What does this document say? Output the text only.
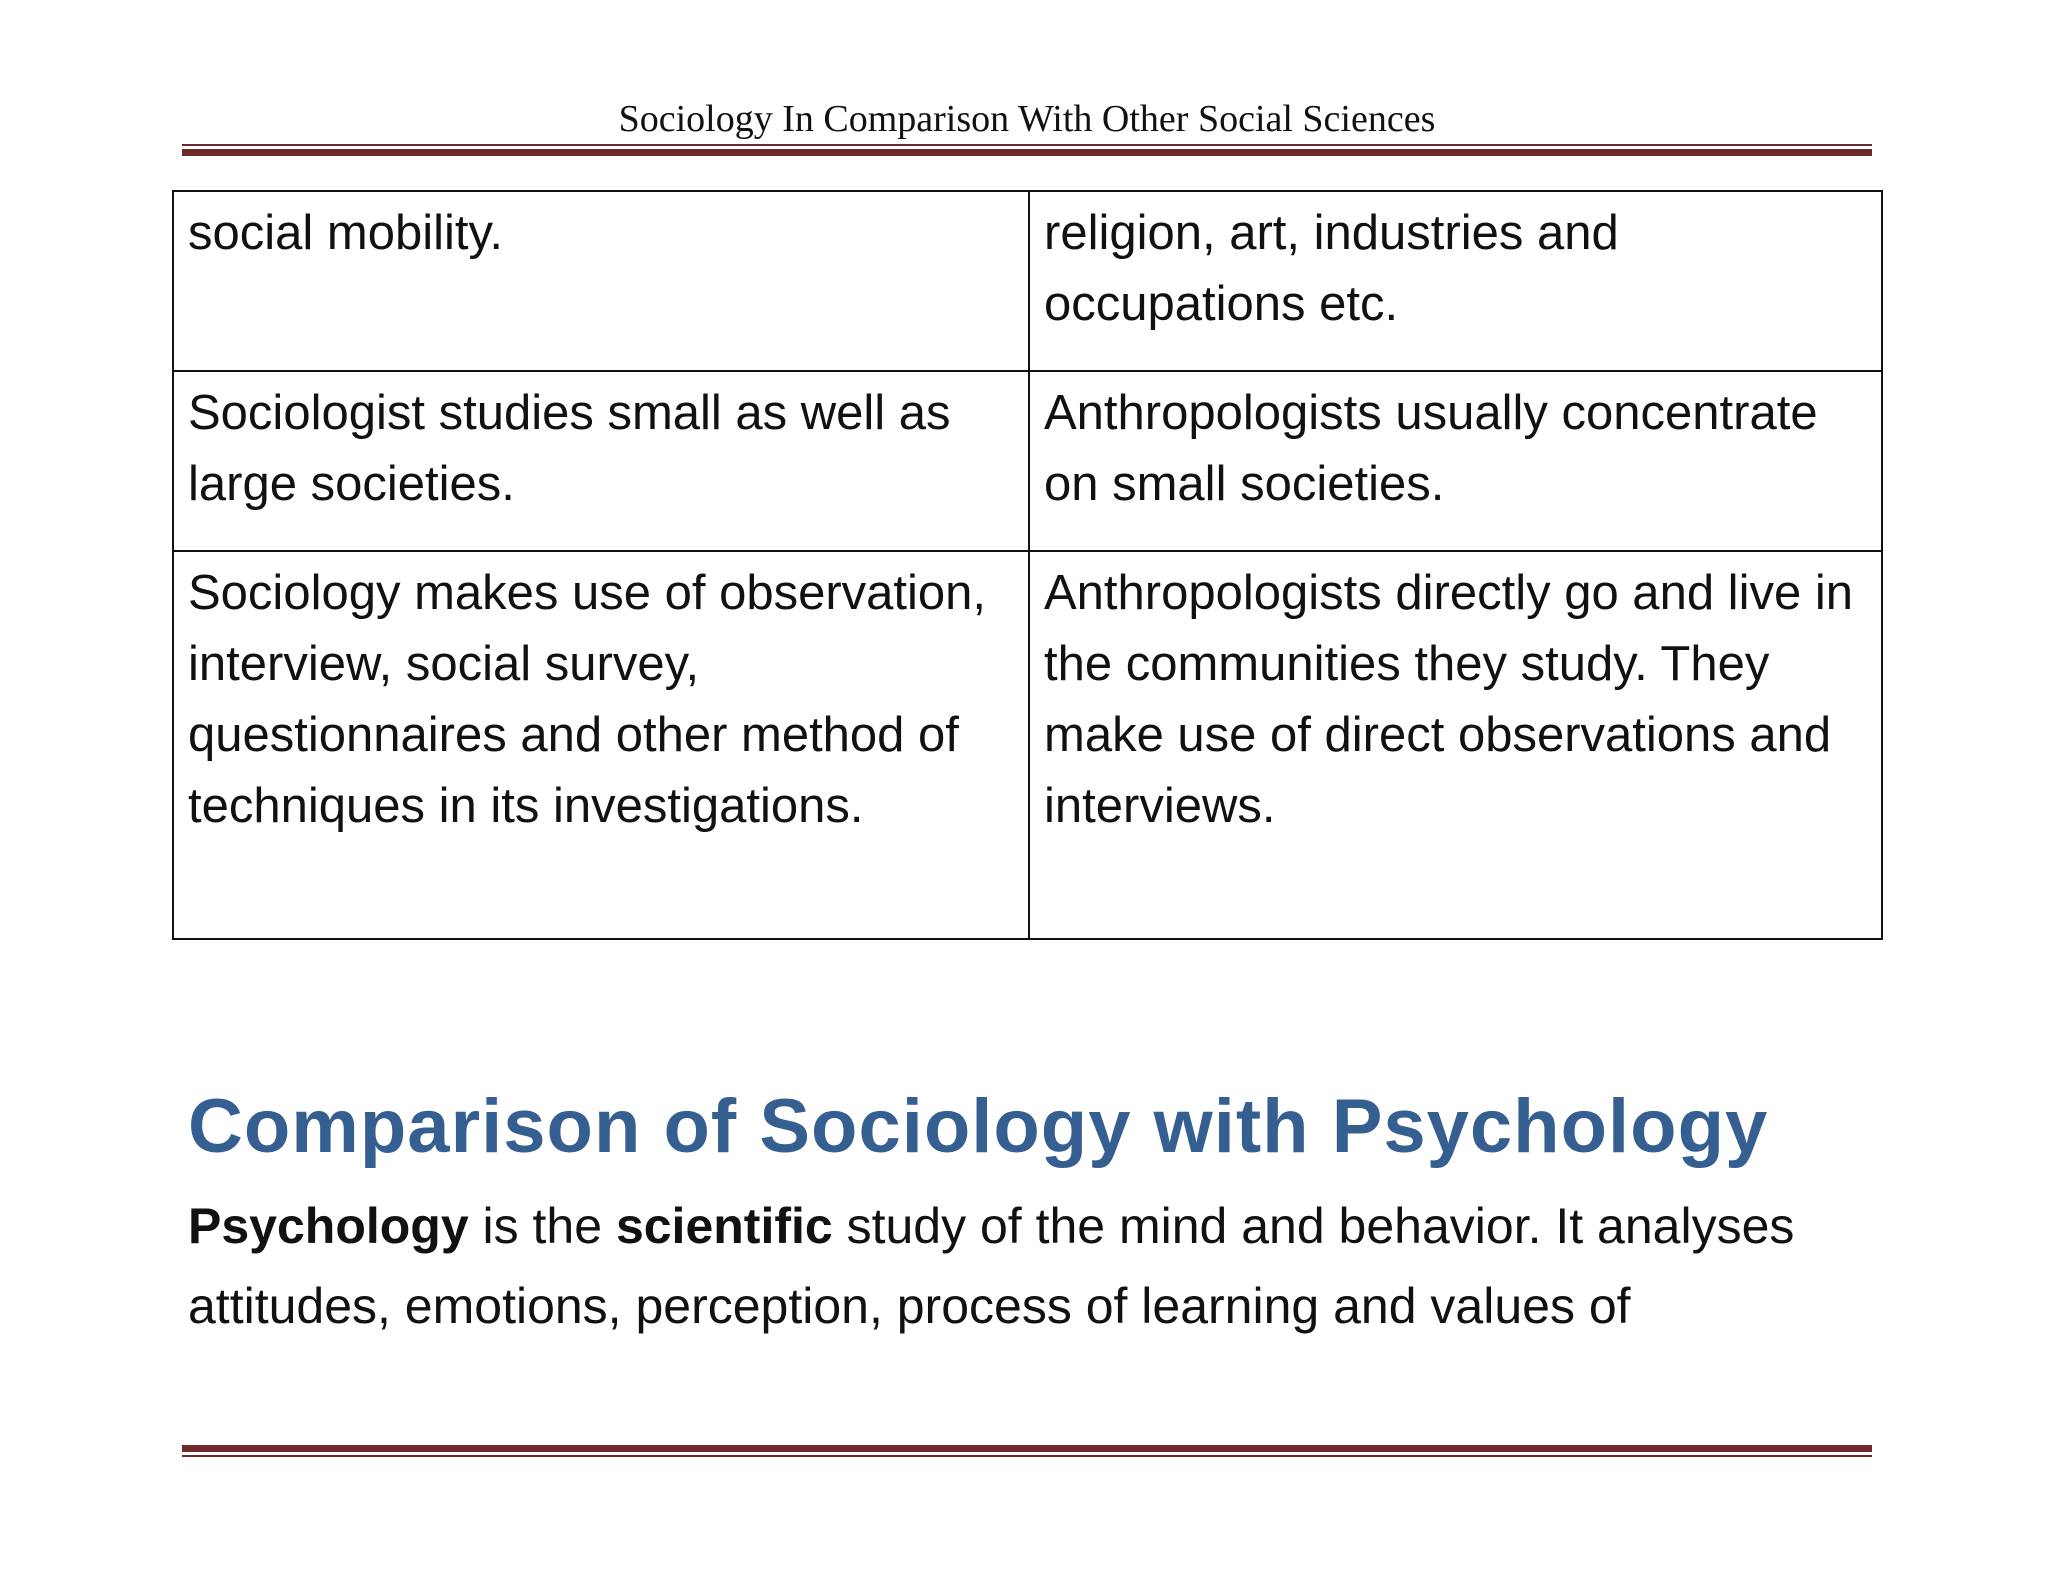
Sociology In Comparison With Other Social Sciences
social mobility.	religion, art, industries and occupations etc.
Sociologist studies small as well as large societies.	Anthropologists usually concentrate on small societies.
Sociology makes use of observation, interview, social survey, questionnaires and other method of techniques in its investigations.	Anthropologists directly go and live in the communities they study. They make use of direct observations and interviews.
Comparison of Sociology with Psychology

Psychology is the scientific study of the mind and behavior. It analyses attitudes, emotions, perception, process of learning and values of
